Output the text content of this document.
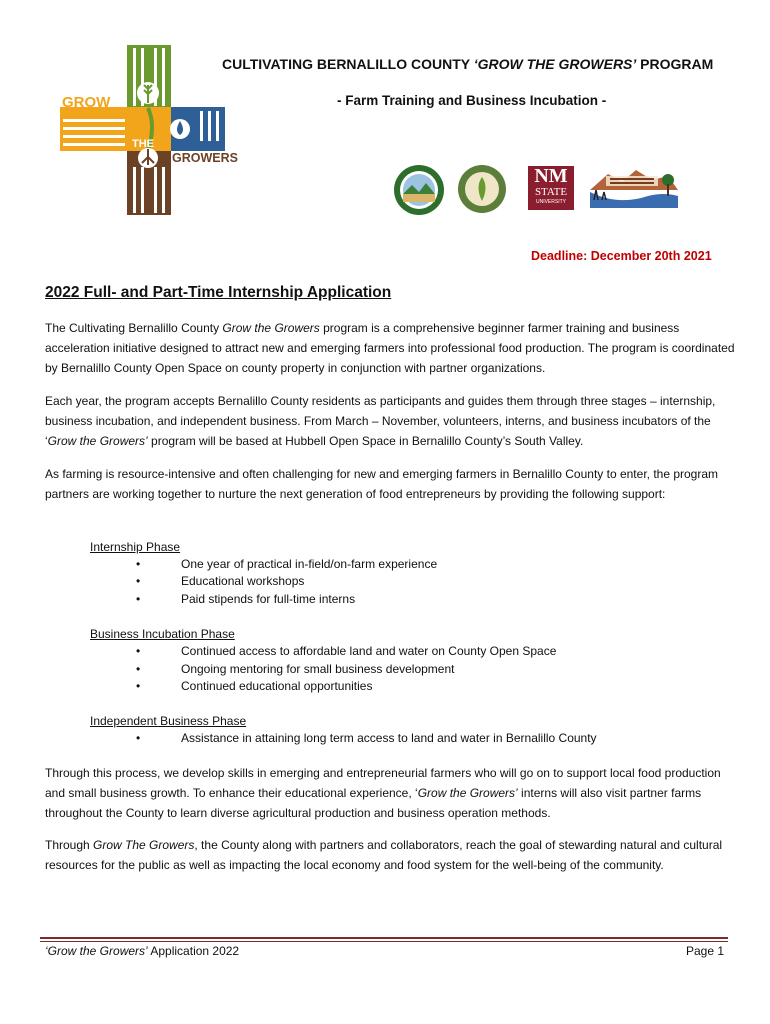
GROW
THE
GROWERS
CULTIVATING BERNALILLO COUNTY ‘GROW THE GROWERS’ PROGRAM
- Farm Training and Business Incubation -
NM
STATE
UNIVERSITY
Deadline: December 20th 2021
2022 Full- and Part-Time Internship Application
The Cultivating Bernalillo County Grow the Growers program is a comprehensive beginner farmer training and business acceleration initiative designed to attract new and emerging farmers into professional food production. The program is coordinated by Bernalillo County Open Space on county property in conjunction with partner organizations.
Each year, the program accepts Bernalillo County residents as participants and guides them through three stages – internship, business incubation, and independent business. From March – November, volunteers, interns, and business incubators of the ‘Grow the Growers’ program will be based at Hubbell Open Space in Bernalillo County’s South Valley.
As farming is resource-intensive and often challenging for new and emerging farmers in Bernalillo County to enter, the program partners are working together to nurture the next generation of food entrepreneurs by providing the following support:
Internship Phase
•	One year of practical in-field/on-farm experience
•	Educational workshops
•	Paid stipends for full-time interns
Business Incubation Phase
•	Continued access to affordable land and water on County Open Space
•	Ongoing mentoring for small business development
•	Continued educational opportunities
Independent Business Phase
•	Assistance in attaining long term access to land and water in Bernalillo County
Through this process, we develop skills in emerging and entrepreneurial farmers who will go on to support local food production and small business growth. To enhance their educational experience, ‘Grow the Growers’ interns will also visit partner farms throughout the County to learn diverse agricultural production and business operation methods.
Through Grow The Growers, the County along with partners and collaborators, reach the goal of stewarding natural and cultural resources for the public as well as impacting the local economy and food system for the well-being of the community.
‘Grow the Growers’ Application 2022	Page 1
